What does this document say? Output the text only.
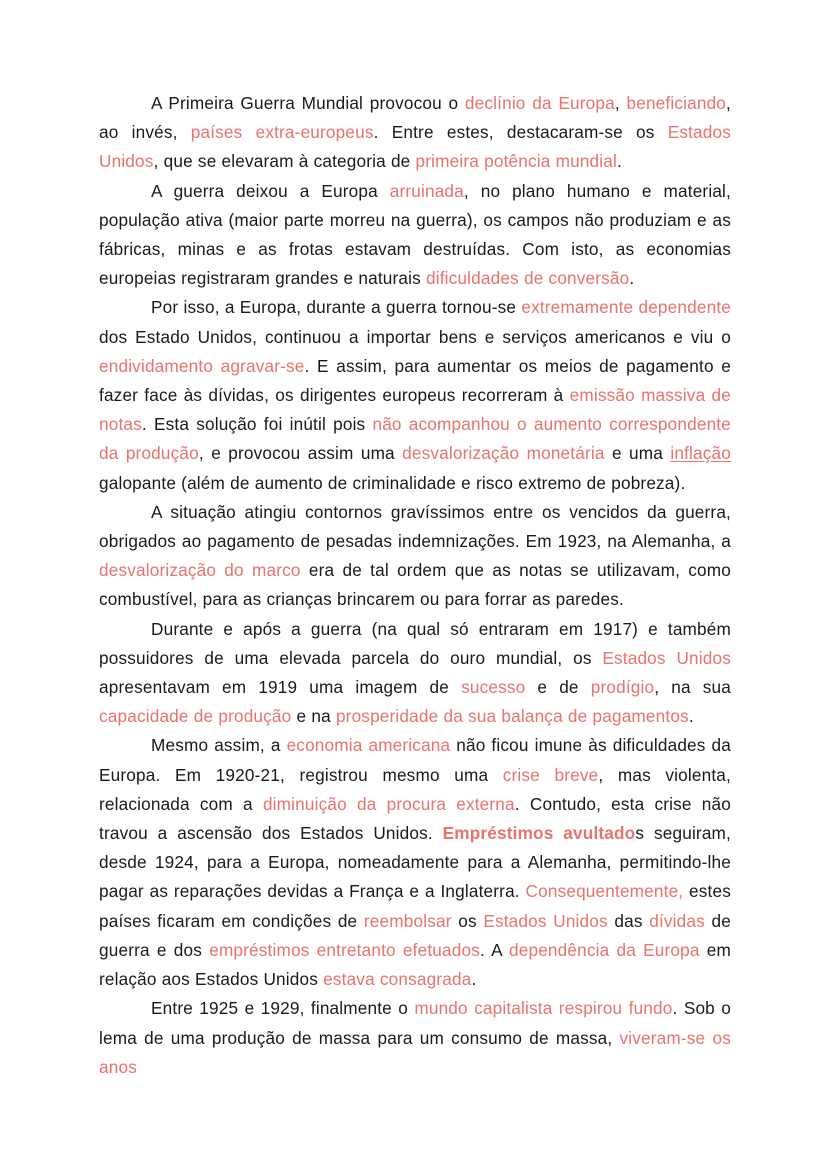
A Primeira Guerra Mundial provocou o declínio da Europa, beneficiando, ao invés, países extra-europeus. Entre estes, destacaram-se os Estados Unidos, que se elevaram à categoria de primeira potência mundial.

A guerra deixou a Europa arruinada, no plano humano e material, população ativa (maior parte morreu na guerra), os campos não produziam e as fábricas, minas e as frotas estavam destruídas. Com isto, as economias europeias registraram grandes e naturais dificuldades de conversão.

Por isso, a Europa, durante a guerra tornou-se extremamente dependente dos Estado Unidos, continuou a importar bens e serviços americanos e viu o endividamento agravar-se. E assim, para aumentar os meios de pagamento e fazer face às dívidas, os dirigentes europeus recorreram à emissão massiva de notas. Esta solução foi inútil pois não acompanhou o aumento correspondente da produção, e provocou assim uma desvalorização monetária e uma inflação galopante (além de aumento de criminalidade e risco extremo de pobreza).

A situação atingiu contornos gravíssimos entre os vencidos da guerra, obrigados ao pagamento de pesadas indemnizações. Em 1923, na Alemanha, a desvalorização do marco era de tal ordem que as notas se utilizavam, como combustível, para as crianças brincarem ou para forrar as paredes.

Durante e após a guerra (na qual só entraram em 1917) e também possuidores de uma elevada parcela do ouro mundial, os Estados Unidos apresentavam em 1919 uma imagem de sucesso e de prodígio, na sua capacidade de produção e na prosperidade da sua balança de pagamentos.

Mesmo assim, a economia americana não ficou imune às dificuldades da Europa. Em 1920-21, registrou mesmo uma crise breve, mas violenta, relacionada com a diminuição da procura externa. Contudo, esta crise não travou a ascensão dos Estados Unidos. Empréstimos avultados seguiram, desde 1924, para a Europa, nomeadamente para a Alemanha, permitindo-lhe pagar as reparações devidas a França e a Inglaterra. Consequentemente, estes países ficaram em condições de reembolsar os Estados Unidos das dívidas de guerra e dos empréstimos entretanto efetuados. A dependência da Europa em relação aos Estados Unidos estava consagrada.

Entre 1925 e 1929, finalmente o mundo capitalista respirou fundo. Sob o lema de uma produção de massa para um consumo de massa, viveram-se os anos
